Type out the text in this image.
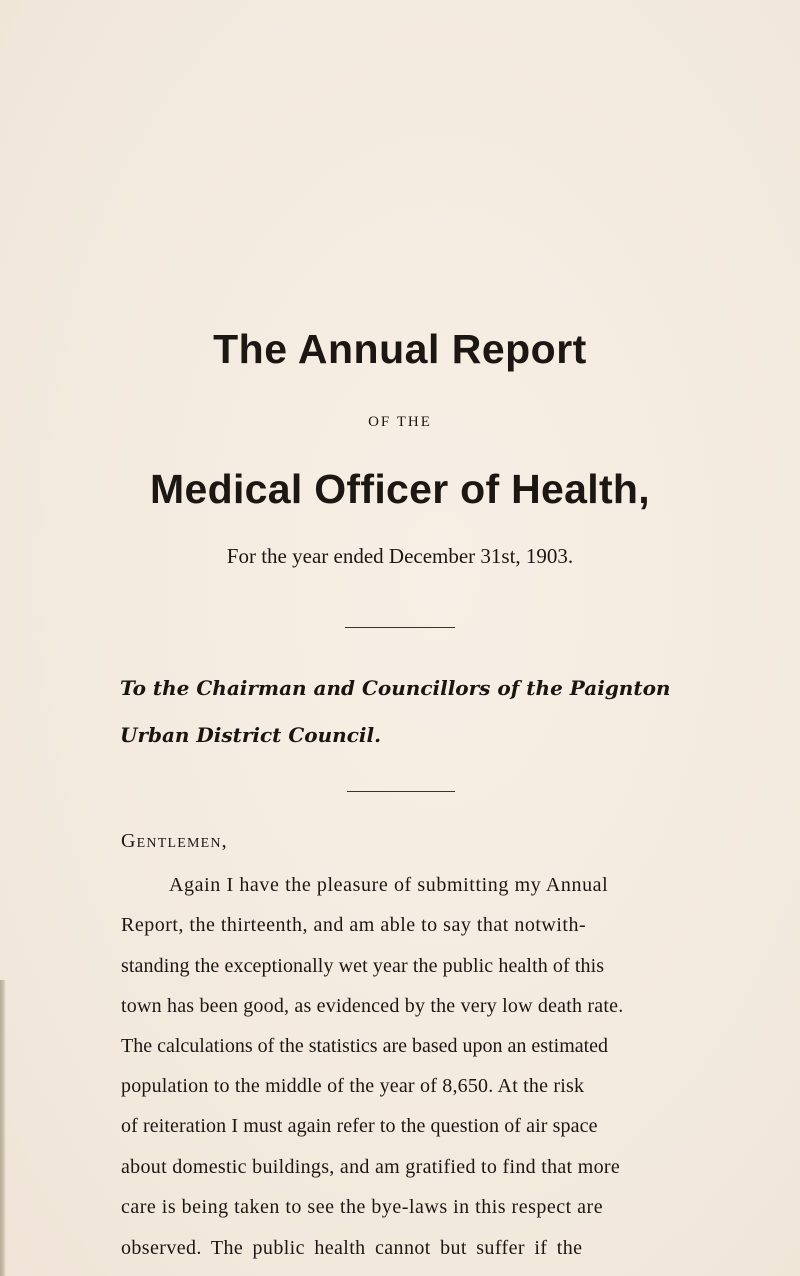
The Annual Report
OF THE
Medical Officer of Health,
For the year ended December 31st, 1903.
To the Chairman and Councillors of the Paignton
Urban District Council.
Gentlemen,
Again I have the pleasure of submitting my Annual
Report, the thirteenth, and am able to say that notwith-
standing the exceptionally wet year the public health of this
town has been good, as evidenced by the very low death rate.
The calculations of the statistics are based upon an estimated
population to the middle of the year of 8,650. At the risk
of reiteration I must again refer to the question of air space
about domestic buildings, and am gratified to find that more
care is being taken to see the bye-laws in this respect are
observed. The public health cannot but suffer if the
